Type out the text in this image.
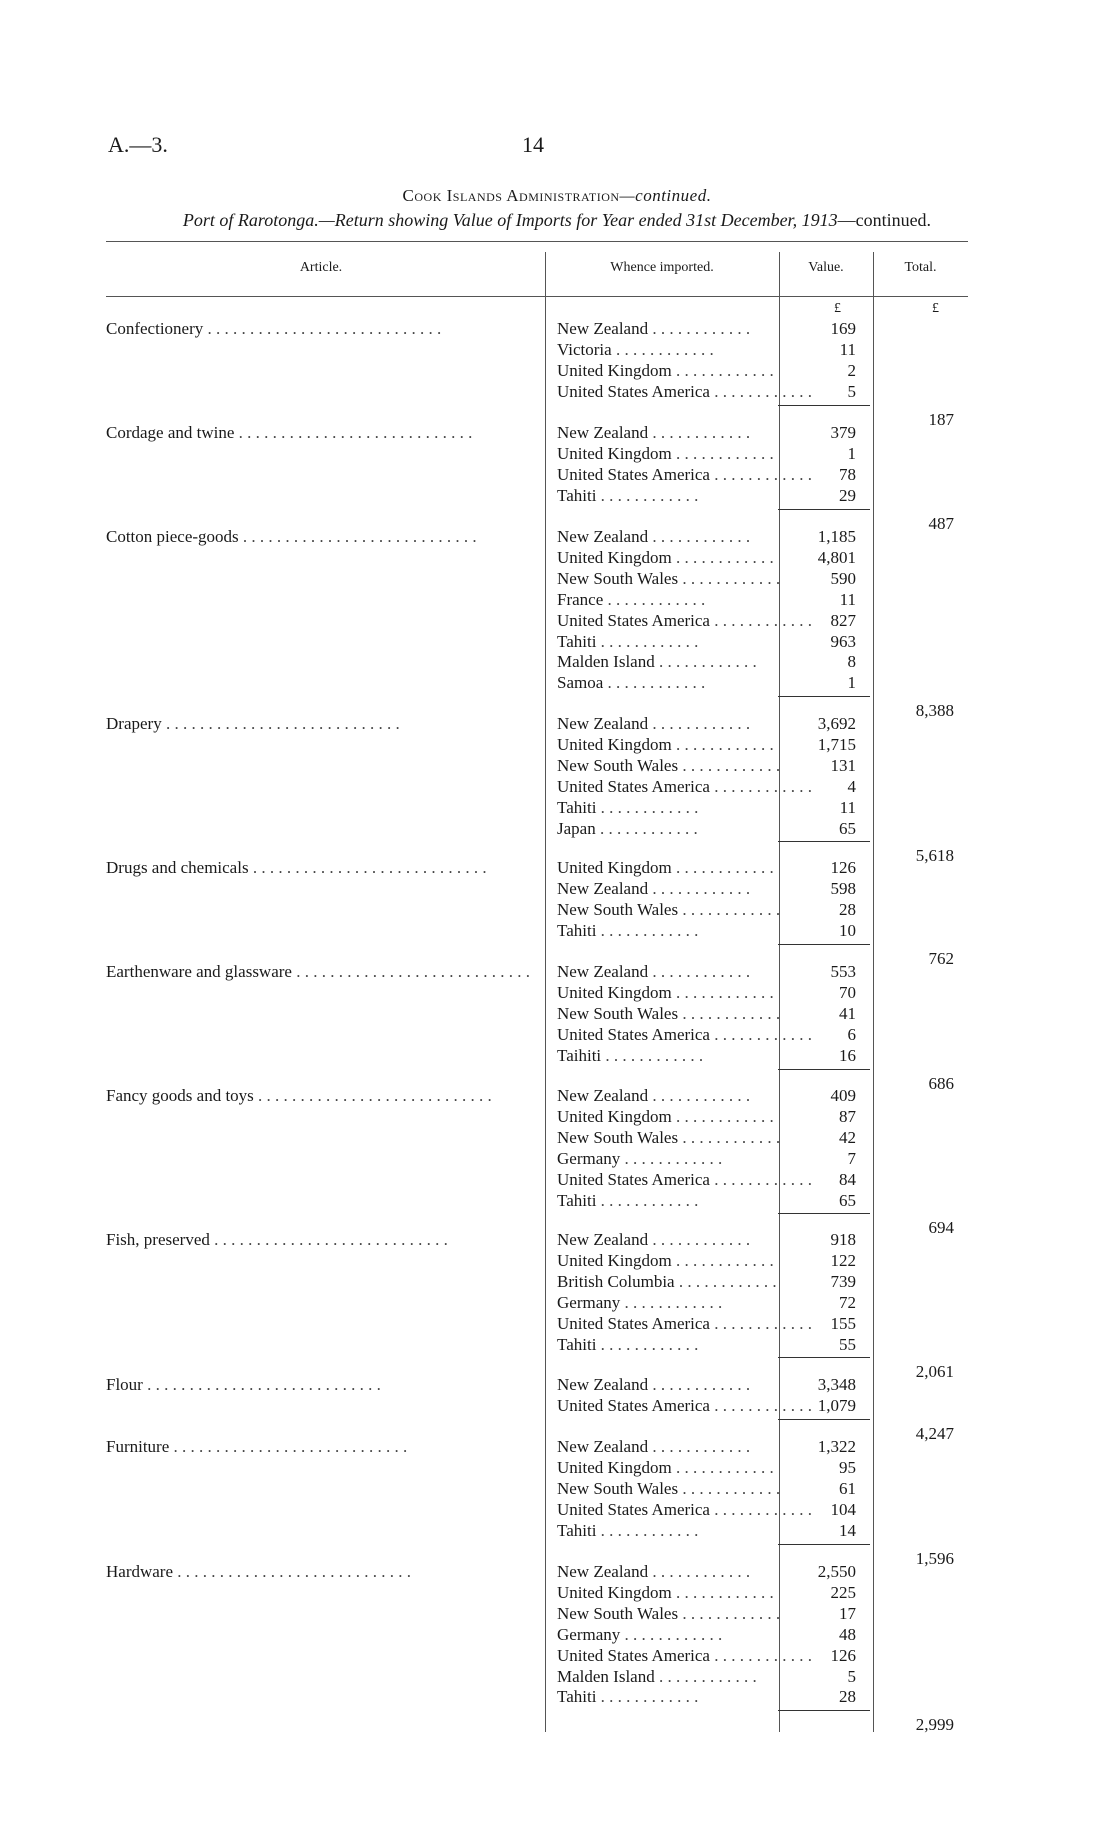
A.—3.	14
Cook Islands Administration—continued.
Port of Rarotonga.—Return showing Value of Imports for Year ended 31st December, 1913—continued.
Article.	Whence imported.	Value.	Total.
£	£
Confectionery . . . . . . . . . . . . . . . . . . . . . . . . . . . .	New Zealand . . . . . . . . . . . .	169
Victoria . . . . . . . . . . . .	11
United Kingdom . . . . . . . . . . . .	2
United States America . . . . . . . . . . . .	5
187
Cordage and twine . . . . . . . . . . . . . . . . . . . . . . . . . . . .	New Zealand . . . . . . . . . . . .	379
United Kingdom . . . . . . . . . . . .	1
United States America . . . . . . . . . . . .	78
Tahiti . . . . . . . . . . . .	29
487
Cotton piece-goods . . . . . . . . . . . . . . . . . . . . . . . . . . . .	New Zealand . . . . . . . . . . . .	1,185
United Kingdom . . . . . . . . . . . .	4,801
New South Wales . . . . . . . . . . . .	590
France . . . . . . . . . . . .	11
United States America . . . . . . . . . . . .	827
Tahiti . . . . . . . . . . . .	963
Malden Island . . . . . . . . . . . .	8
Samoa . . . . . . . . . . . .	1
8,388
Drapery . . . . . . . . . . . . . . . . . . . . . . . . . . . .	New Zealand . . . . . . . . . . . .	3,692
United Kingdom . . . . . . . . . . . .	1,715
New South Wales . . . . . . . . . . . .	131
United States America . . . . . . . . . . . .	4
Tahiti . . . . . . . . . . . .	11
Japan . . . . . . . . . . . .	65
5,618
Drugs and chemicals . . . . . . . . . . . . . . . . . . . . . . . . . . . .	United Kingdom . . . . . . . . . . . .	126
New Zealand . . . . . . . . . . . .	598
New South Wales . . . . . . . . . . . .	28
Tahiti . . . . . . . . . . . .	10
762
Earthenware and glassware . . . . . . . . . . . . . . . . . . . . . . . . . . . . New Zealand . . . . . . . . . . . .	553
United Kingdom . . . . . . . . . . . .	70
New South Wales . . . . . . . . . . . .	41
United States America . . . . . . . . . . . .	6
Taihiti . . . . . . . . . . . .	16
686
Fancy goods and toys . . . . . . . . . . . . . . . . . . . . . . . . . . . .	New Zealand . . . . . . . . . . . .	409
United Kingdom . . . . . . . . . . . .	87
New South Wales . . . . . . . . . . . .	42
Germany . . . . . . . . . . . .	7
United States America . . . . . . . . . . . .	84
Tahiti . . . . . . . . . . . .	65
694
Fish, preserved . . . . . . . . . . . . . . . . . . . . . . . . . . . .	New Zealand . . . . . . . . . . . .	918
United Kingdom . . . . . . . . . . . .	122
British Columbia . . . . . . . . . . . .	739
Germany . . . . . . . . . . . .	72
United States America . . . . . . . . . . . .	155
Tahiti . . . . . . . . . . . .	55
2,061
Flour . . . . . . . . . . . . . . . . . . . . . . . . . . . .	New Zealand . . . . . . . . . . . .	3,348
United States America . . . . . . . . . . . . 1,079
4,247
Furniture . . . . . . . . . . . . . . . . . . . . . . . . . . . .	New Zealand . . . . . . . . . . . .	1,322
United Kingdom . . . . . . . . . . . .	95
New South Wales . . . . . . . . . . . .	61
United States America . . . . . . . . . . . .	104
Tahiti . . . . . . . . . . . .	14
1,596
Hardware . . . . . . . . . . . . . . . . . . . . . . . . . . . .	New Zealand . . . . . . . . . . . .	2,550
United Kingdom . . . . . . . . . . . .	225
New South Wales . . . . . . . . . . . .	17
Germany . . . . . . . . . . . .	48
United States America . . . . . . . . . . . .	126
Malden Island . . . . . . . . . . . .	5
Tahiti . . . . . . . . . . . .	28
2,999
